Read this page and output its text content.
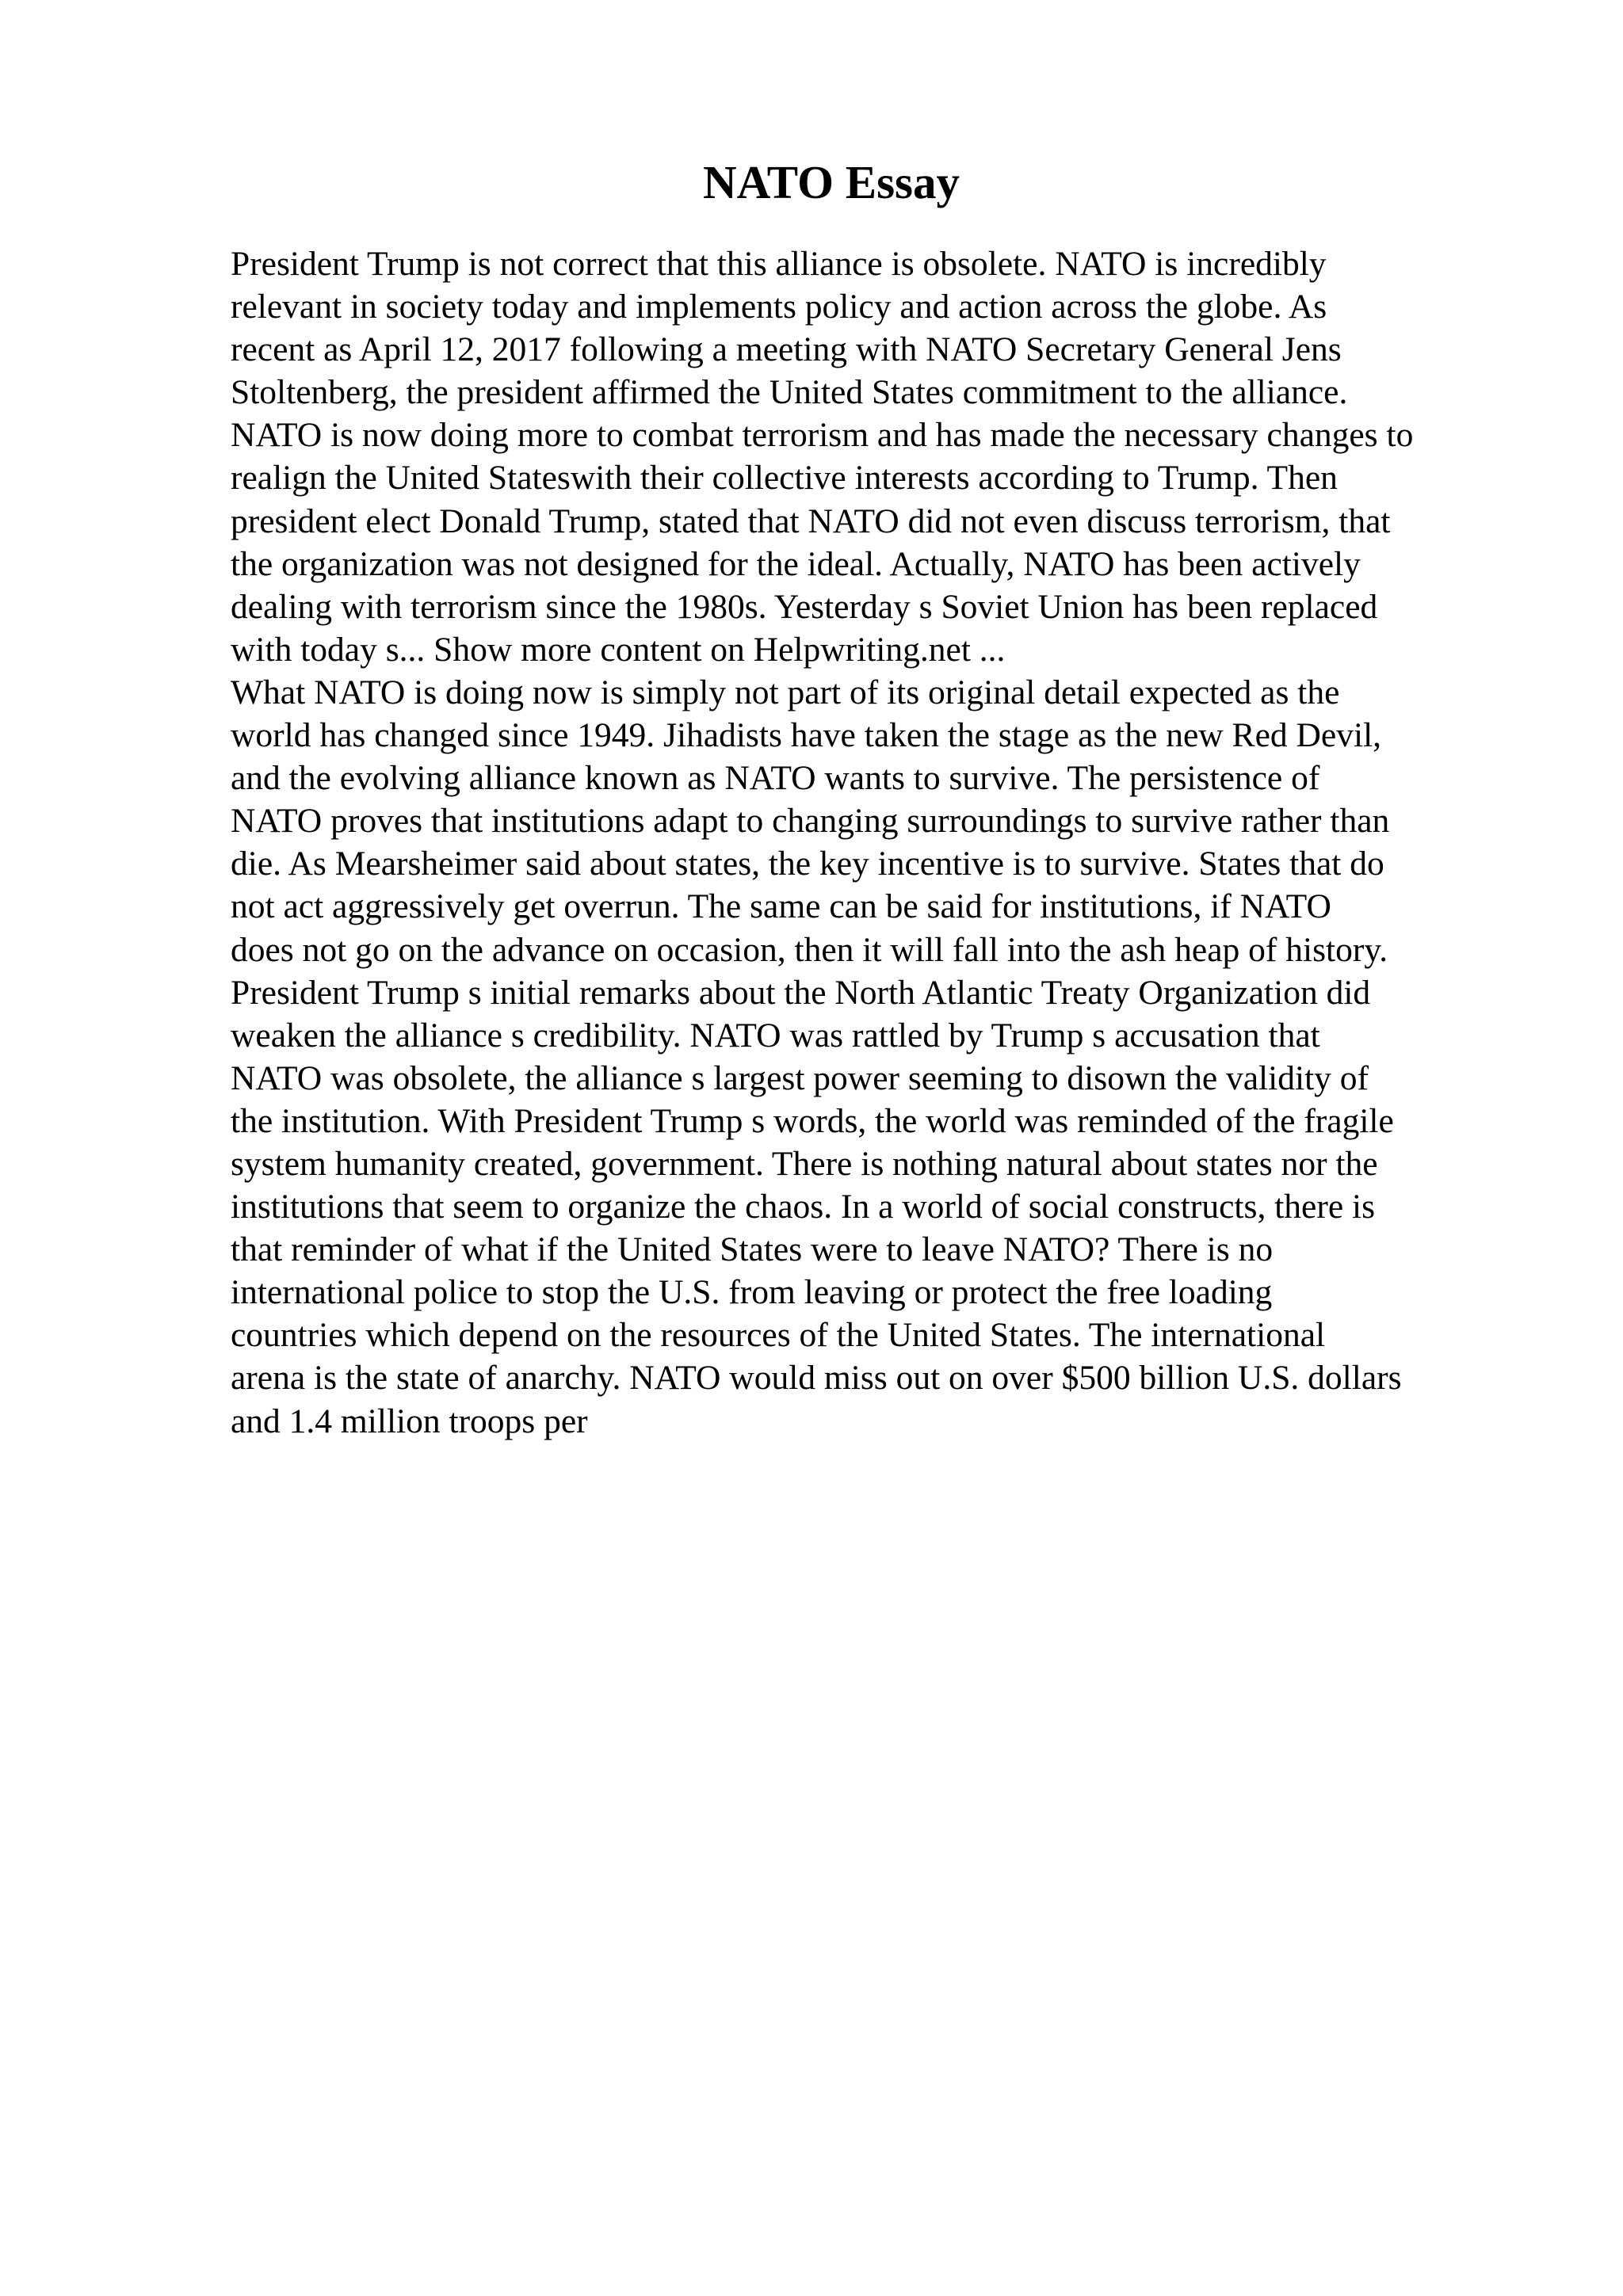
NATO Essay
President Trump is not correct that this alliance is obsolete. NATO is incredibly
relevant in society today and implements policy and action across the globe. As
recent as April 12, 2017 following a meeting with NATO Secretary General Jens
Stoltenberg, the president affirmed the United States commitment to the alliance.
NATO is now doing more to combat terrorism and has made the necessary changes to
realign the United Stateswith their collective interests according to Trump. Then
president elect Donald Trump, stated that NATO did not even discuss terrorism, that
the organization was not designed for the ideal. Actually, NATO has been actively
dealing with terrorism since the 1980s. Yesterday s Soviet Union has been replaced
with today s... Show more content on Helpwriting.net ...
What NATO is doing now is simply not part of its original detail expected as the
world has changed since 1949. Jihadists have taken the stage as the new Red Devil,
and the evolving alliance known as NATO wants to survive. The persistence of
NATO proves that institutions adapt to changing surroundings to survive rather than
die. As Mearsheimer said about states, the key incentive is to survive. States that do
not act aggressively get overrun. The same can be said for institutions, if NATO
does not go on the advance on occasion, then it will fall into the ash heap of history.
President Trump s initial remarks about the North Atlantic Treaty Organization did
weaken the alliance s credibility. NATO was rattled by Trump s accusation that
NATO was obsolete, the alliance s largest power seeming to disown the validity of
the institution. With President Trump s words, the world was reminded of the fragile
system humanity created, government. There is nothing natural about states nor the
institutions that seem to organize the chaos. In a world of social constructs, there is
that reminder of what if the United States were to leave NATO? There is no
international police to stop the U.S. from leaving or protect the free loading
countries which depend on the resources of the United States. The international
arena is the state of anarchy. NATO would miss out on over $500 billion U.S. dollars
and 1.4 million troops per
